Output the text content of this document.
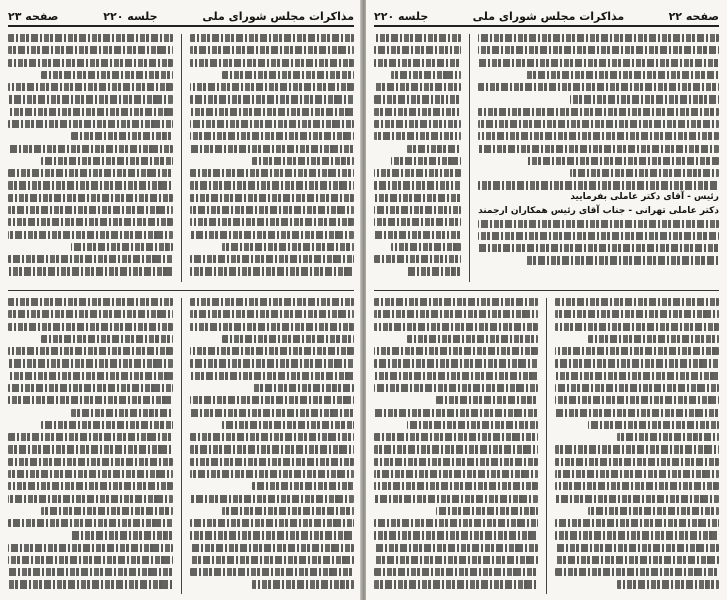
مذاکرات مجلس شورای ملی
جلسه ۲۲۰
صفحه ۲۳	صفحه ۲۲
مذاکرات مجلس شورای ملی
جلسه ۲۲۰
رئیس - آقای دکتر عاملی بفرمایید
دکتر عاملی تهرانی - جناب آقای رئیس همکاران ارجمند
